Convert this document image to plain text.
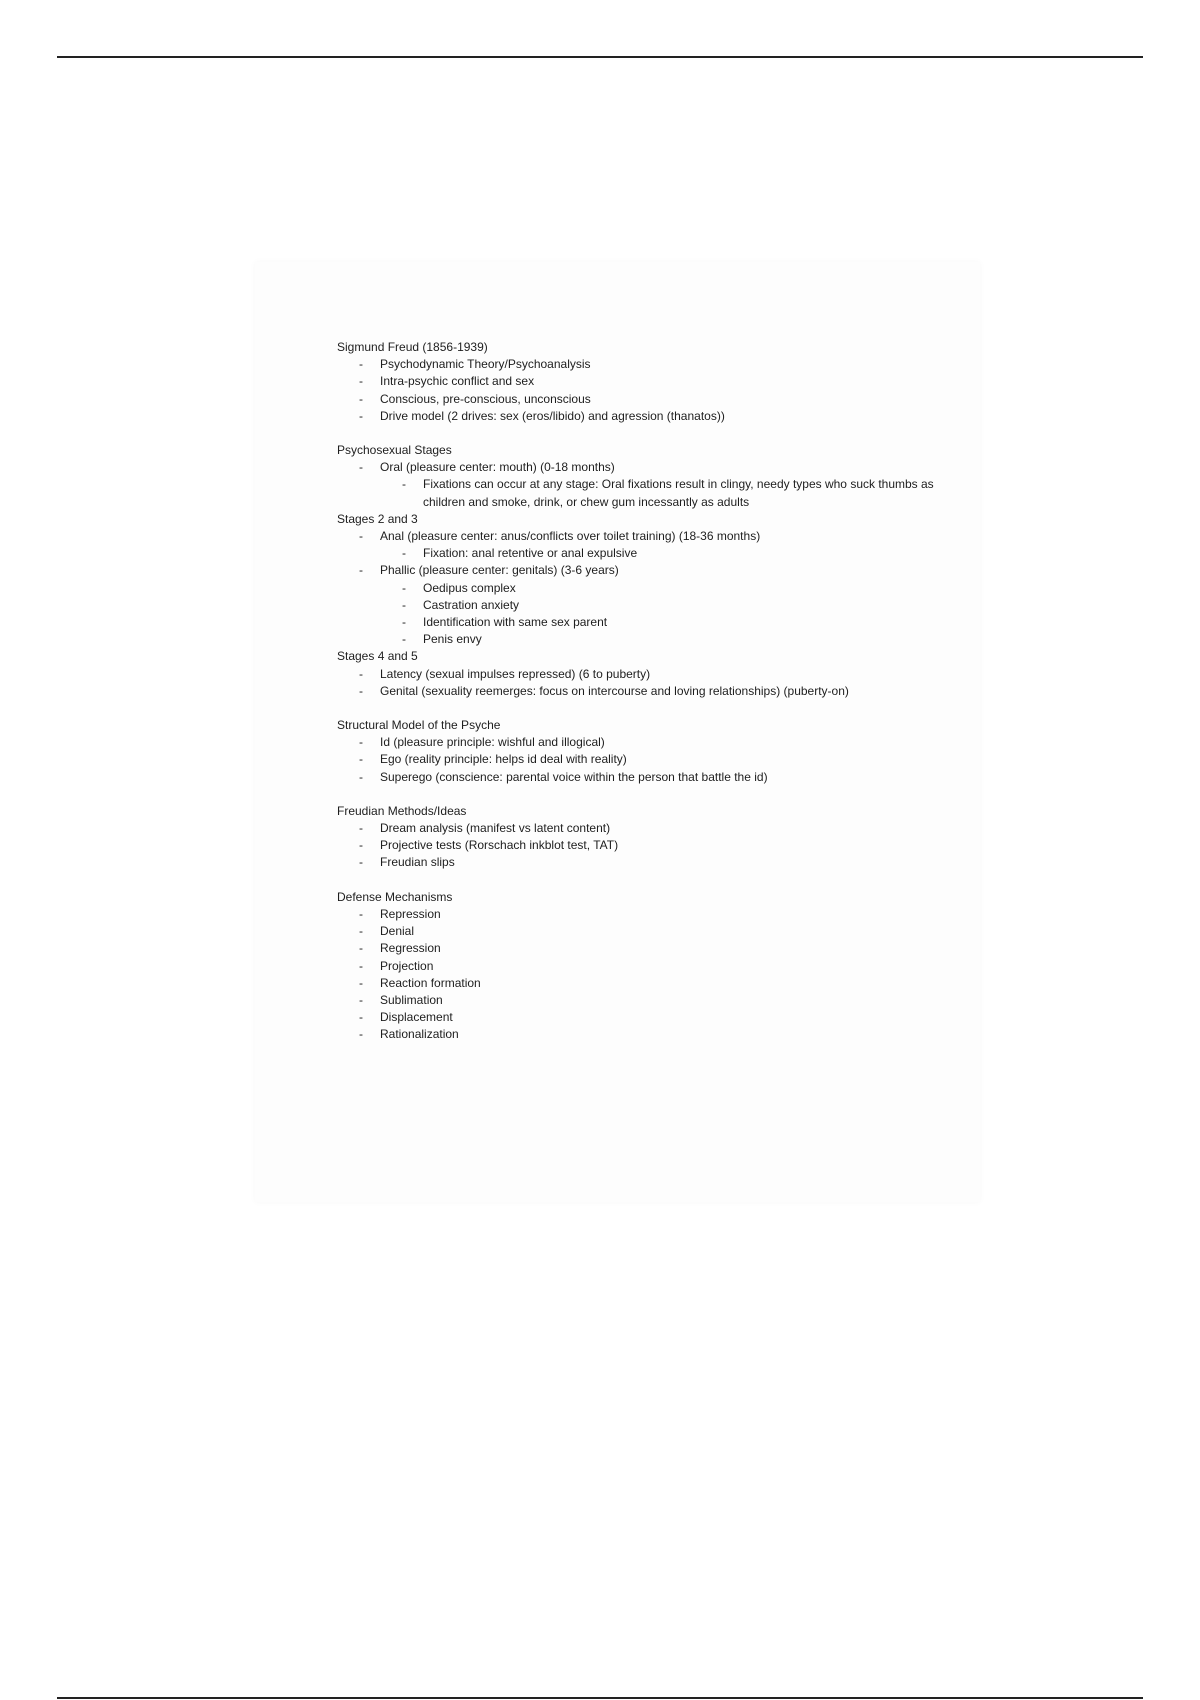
Sigmund Freud (1856-1939)

- Psychodynamic Theory/Psychoanalysis
- Intra-psychic conflict and sex
- Conscious, pre-conscious, unconscious
- Drive model (2 drives: sex (eros/libido) and agression (thanatos))

Psychosexual Stages

- Oral (pleasure center: mouth) (0-18 months)
- Fixations can occur at any stage: Oral fixations result in clingy, needy types who suck thumbs as children and smoke, drink, or chew gum incessantly as adults

Stages 2 and 3

- Anal (pleasure center: anus/conflicts over toilet training) (18-36 months)
- Fixation: anal retentive or anal expulsive
- Phallic (pleasure center: genitals) (3-6 years)
- Oedipus complex
- Castration anxiety
- Identification with same sex parent
- Penis envy

Stages 4 and 5

- Latency (sexual impulses repressed) (6 to puberty)
- Genital (sexuality reemerges: focus on intercourse and loving relationships) (puberty-on)

Structural Model of the Psyche

- Id (pleasure principle: wishful and illogical)
- Ego (reality principle: helps id deal with reality)
- Superego (conscience: parental voice within the person that battle the id)

Freudian Methods/Ideas

- Dream analysis (manifest vs latent content)
- Projective tests (Rorschach inkblot test, TAT)
- Freudian slips

Defense Mechanisms

- Repression
- Denial
- Regression
- Projection
- Reaction formation
- Sublimation
- Displacement
- Rationalization
